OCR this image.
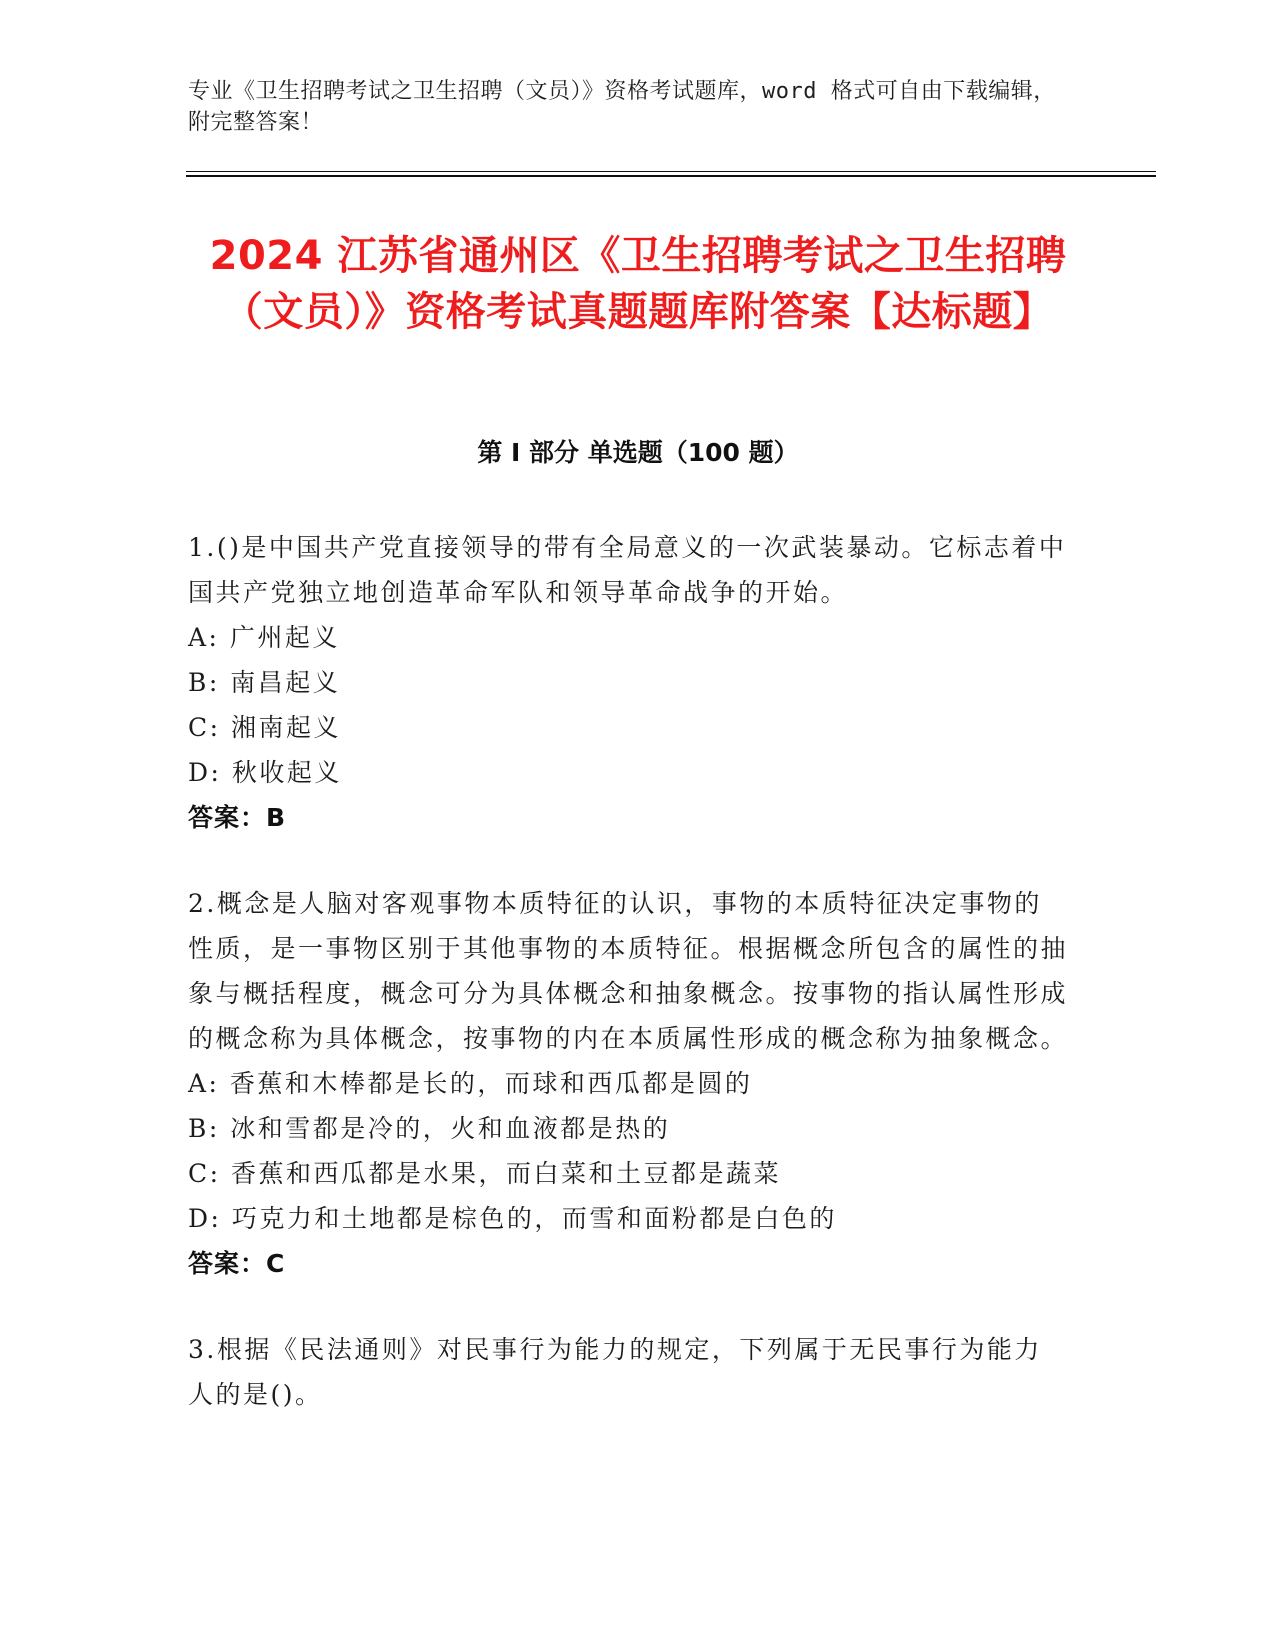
专业《卫生招聘考试之卫生招聘（文员）》资格考试题库，word 格式可自由下载编辑，附完整答案！
2024 江苏省通州区《卫生招聘考试之卫生招聘（文员）》资格考试真题题库附答案【达标题】
第 I 部分 单选题（100 题）
1.()是中国共产党直接领导的带有全局意义的一次武装暴动。它标志着中国共产党独立地创造革命军队和领导革命战争的开始。
A: 广州起义
B: 南昌起义
C: 湘南起义
D: 秋收起义
答案：B
2.概念是人脑对客观事物本质特征的认识，事物的本质特征决定事物的性质，是一事物区别于其他事物的本质特征。根据概念所包含的属性的抽象与概括程度，概念可分为具体概念和抽象概念。按事物的指认属性形成的概念称为具体概念，按事物的内在本质属性形成的概念称为抽象概念。
A: 香蕉和木棒都是长的，而球和西瓜都是圆的
B: 冰和雪都是冷的，火和血液都是热的
C: 香蕉和西瓜都是水果，而白菜和土豆都是蔬菜
D: 巧克力和土地都是棕色的，而雪和面粉都是白色的
答案：C
3.根据《民法通则》对民事行为能力的规定，下列属于无民事行为能力人的是()。
